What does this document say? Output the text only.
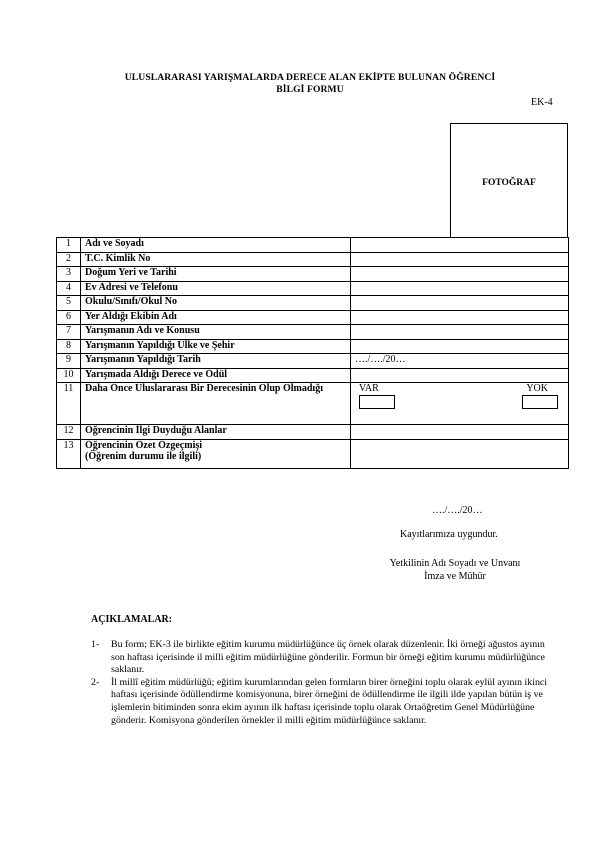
ULUSLARARASI YARIŞMALARDA DERECE ALAN EKİPTE BULUNAN ÖĞRENCİ
BİLGİ FORMU
EK-4
FOTOĞRAF
1	Adı ve Soyadı	
2	T.C. Kimlik No	
3	Doğum Yeri ve Tarihi	
4	Ev Adresi ve Telefonu	
5	Okulu/Sınıfı/Okul No	
6	Yer Aldığı Ekibin Adı	
7	Yarışmanın Adı ve Konusu	
8	Yarışmanın Yapıldığı Ülke ve Şehir	
9	Yarışmanın Yapıldığı Tarih	…./…./20…
10	Yarışmada Aldığı Derece ve Ödül	
11	Daha Önce Uluslararası Bir Derecesinin Olup Olmadığı	VAR YOK

12	Öğrencinin İlgi Duyduğu Alanlar	
13	Öğrencinin Özet Özgeçmişi
(Öğrenim durumu ile ilgili)	

…./…./20…
Kayıtlarımıza uygundur.
Yetkilinin Adı Soyadı ve Unvanı
İmza ve Mühür
AÇIKLAMALAR:

1- Bu form; EK-3 ile birlikte eğitim kurumu müdürlüğünce üç örnek olarak düzenlenir. İki örneği ağustos ayının son haftası içerisinde il milli eğitim müdürlüğüne gönderilir. Formun bir örneği eğitim kurumu müdürlüğünce saklanır.

2- İl millî eğitim müdürlüğü; eğitim kurumlarından gelen formların birer örneğini toplu olarak eylül ayının ikinci haftası içerisinde ödüllendirme komisyonuna, birer örneğini de ödüllendirme ile ilgili ilde yapılan bütün iş ve işlemlerin bitiminden sonra ekim ayının ilk haftası içerisinde toplu olarak Ortaöğretim Genel Müdürlüğüne gönderir. Komisyona gönderilen örnekler il milli eğitim müdürlüğünce saklanır.
